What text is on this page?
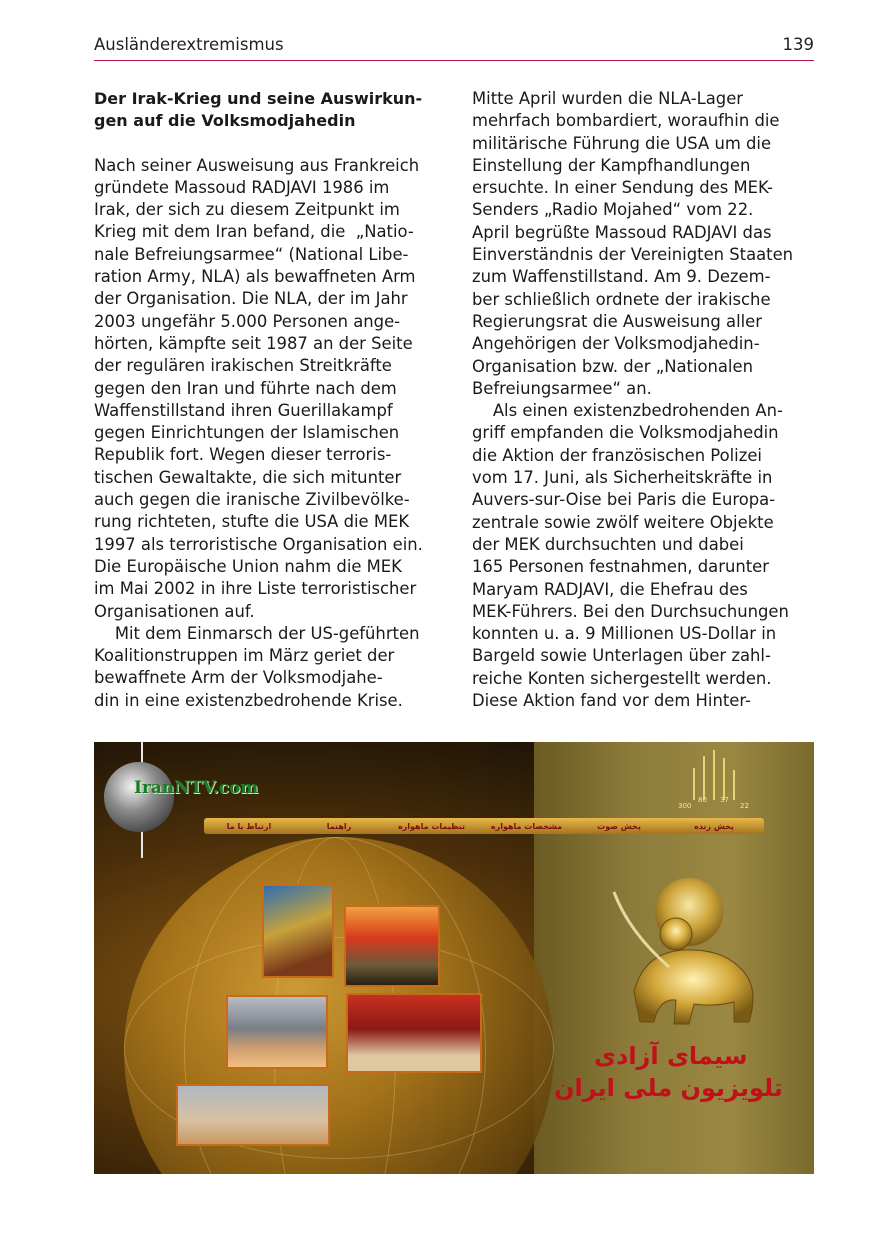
Ausländerextremismus	139

Der Irak-Krieg und seine Auswirkun-
gen auf die Volksmodjahedin

Nach seiner Ausweisung aus Frankreich
gründete Massoud RADJAVI 1986 im
Irak, der sich zu diesem Zeitpunkt im
Krieg mit dem Iran befand, die  „Natio-
nale Befreiungsarmee“ (National Libe-
ration Army, NLA) als bewaffneten Arm
der Organisation. Die NLA, der im Jahr
2003 ungefähr 5.000 Personen ange-
hörten, kämpfte seit 1987 an der Seite
der regulären irakischen Streitkräfte
gegen den Iran und führte nach dem
Waffenstillstand ihren Guerillakampf
gegen Einrichtungen der Islamischen
Republik fort. Wegen dieser terroris-
tischen Gewaltakte, die sich mitunter
auch gegen die iranische Zivilbevölke-
rung richteten, stufte die USA die MEK
1997 als terroristische Organisation ein.
Die Europäische Union nahm die MEK
im Mai 2002 in ihre Liste terroristischer
Organisationen auf.
Mit dem Einmarsch der US-geführten
Koalitionstruppen im März geriet der
bewaffnete Arm der Volksmodjahe-
din in eine existenzbedrohende Krise.

Mitte April wurden die NLA-Lager
mehrfach bombardiert, woraufhin die
militärische Führung die USA um die
Einstellung der Kampfhandlungen
ersuchte. In einer Sendung des MEK-
Senders „Radio Mojahed“ vom 22.
April begrüßte Massoud RADJAVI das
Einverständnis der Vereinigten Staaten
zum Waffenstillstand. Am 9. Dezem-
ber schließlich ordnete der irakische
Regierungsrat die Ausweisung aller
Angehörigen der Volksmodjahedin-
Organisation bzw. der „Nationalen
Befreiungsarmee“ an.
Als einen existenzbedrohenden An-
griff empfanden die Volksmodjahedin
die Aktion der französischen Polizei
vom 17. Juni, als Sicherheitskräfte in
Auvers-sur-Oise bei Paris die Europa-
zentrale sowie zwölf weitere Objekte
der MEK durchsuchten und dabei
165 Personen festnahmen, darunter
Maryam RADJAVI, die Ehefrau des
MEK-Führers. Bei den Durchsuchungen
konnten u. a. 9 Millionen US-Dollar in
Bargeld sowie Unterlagen über zahl-
reiche Konten sichergestellt werden.
Diese Aktion fand vor dem Hinter-

IranNTV.com
300
80 37
22
ارتباط با ما	راهنما	تنظیمات ماهواره	مشخصات ماهواره	پخش صوت	پخش زنده
سیمای آزادی
تلویزیون ملی ایران
